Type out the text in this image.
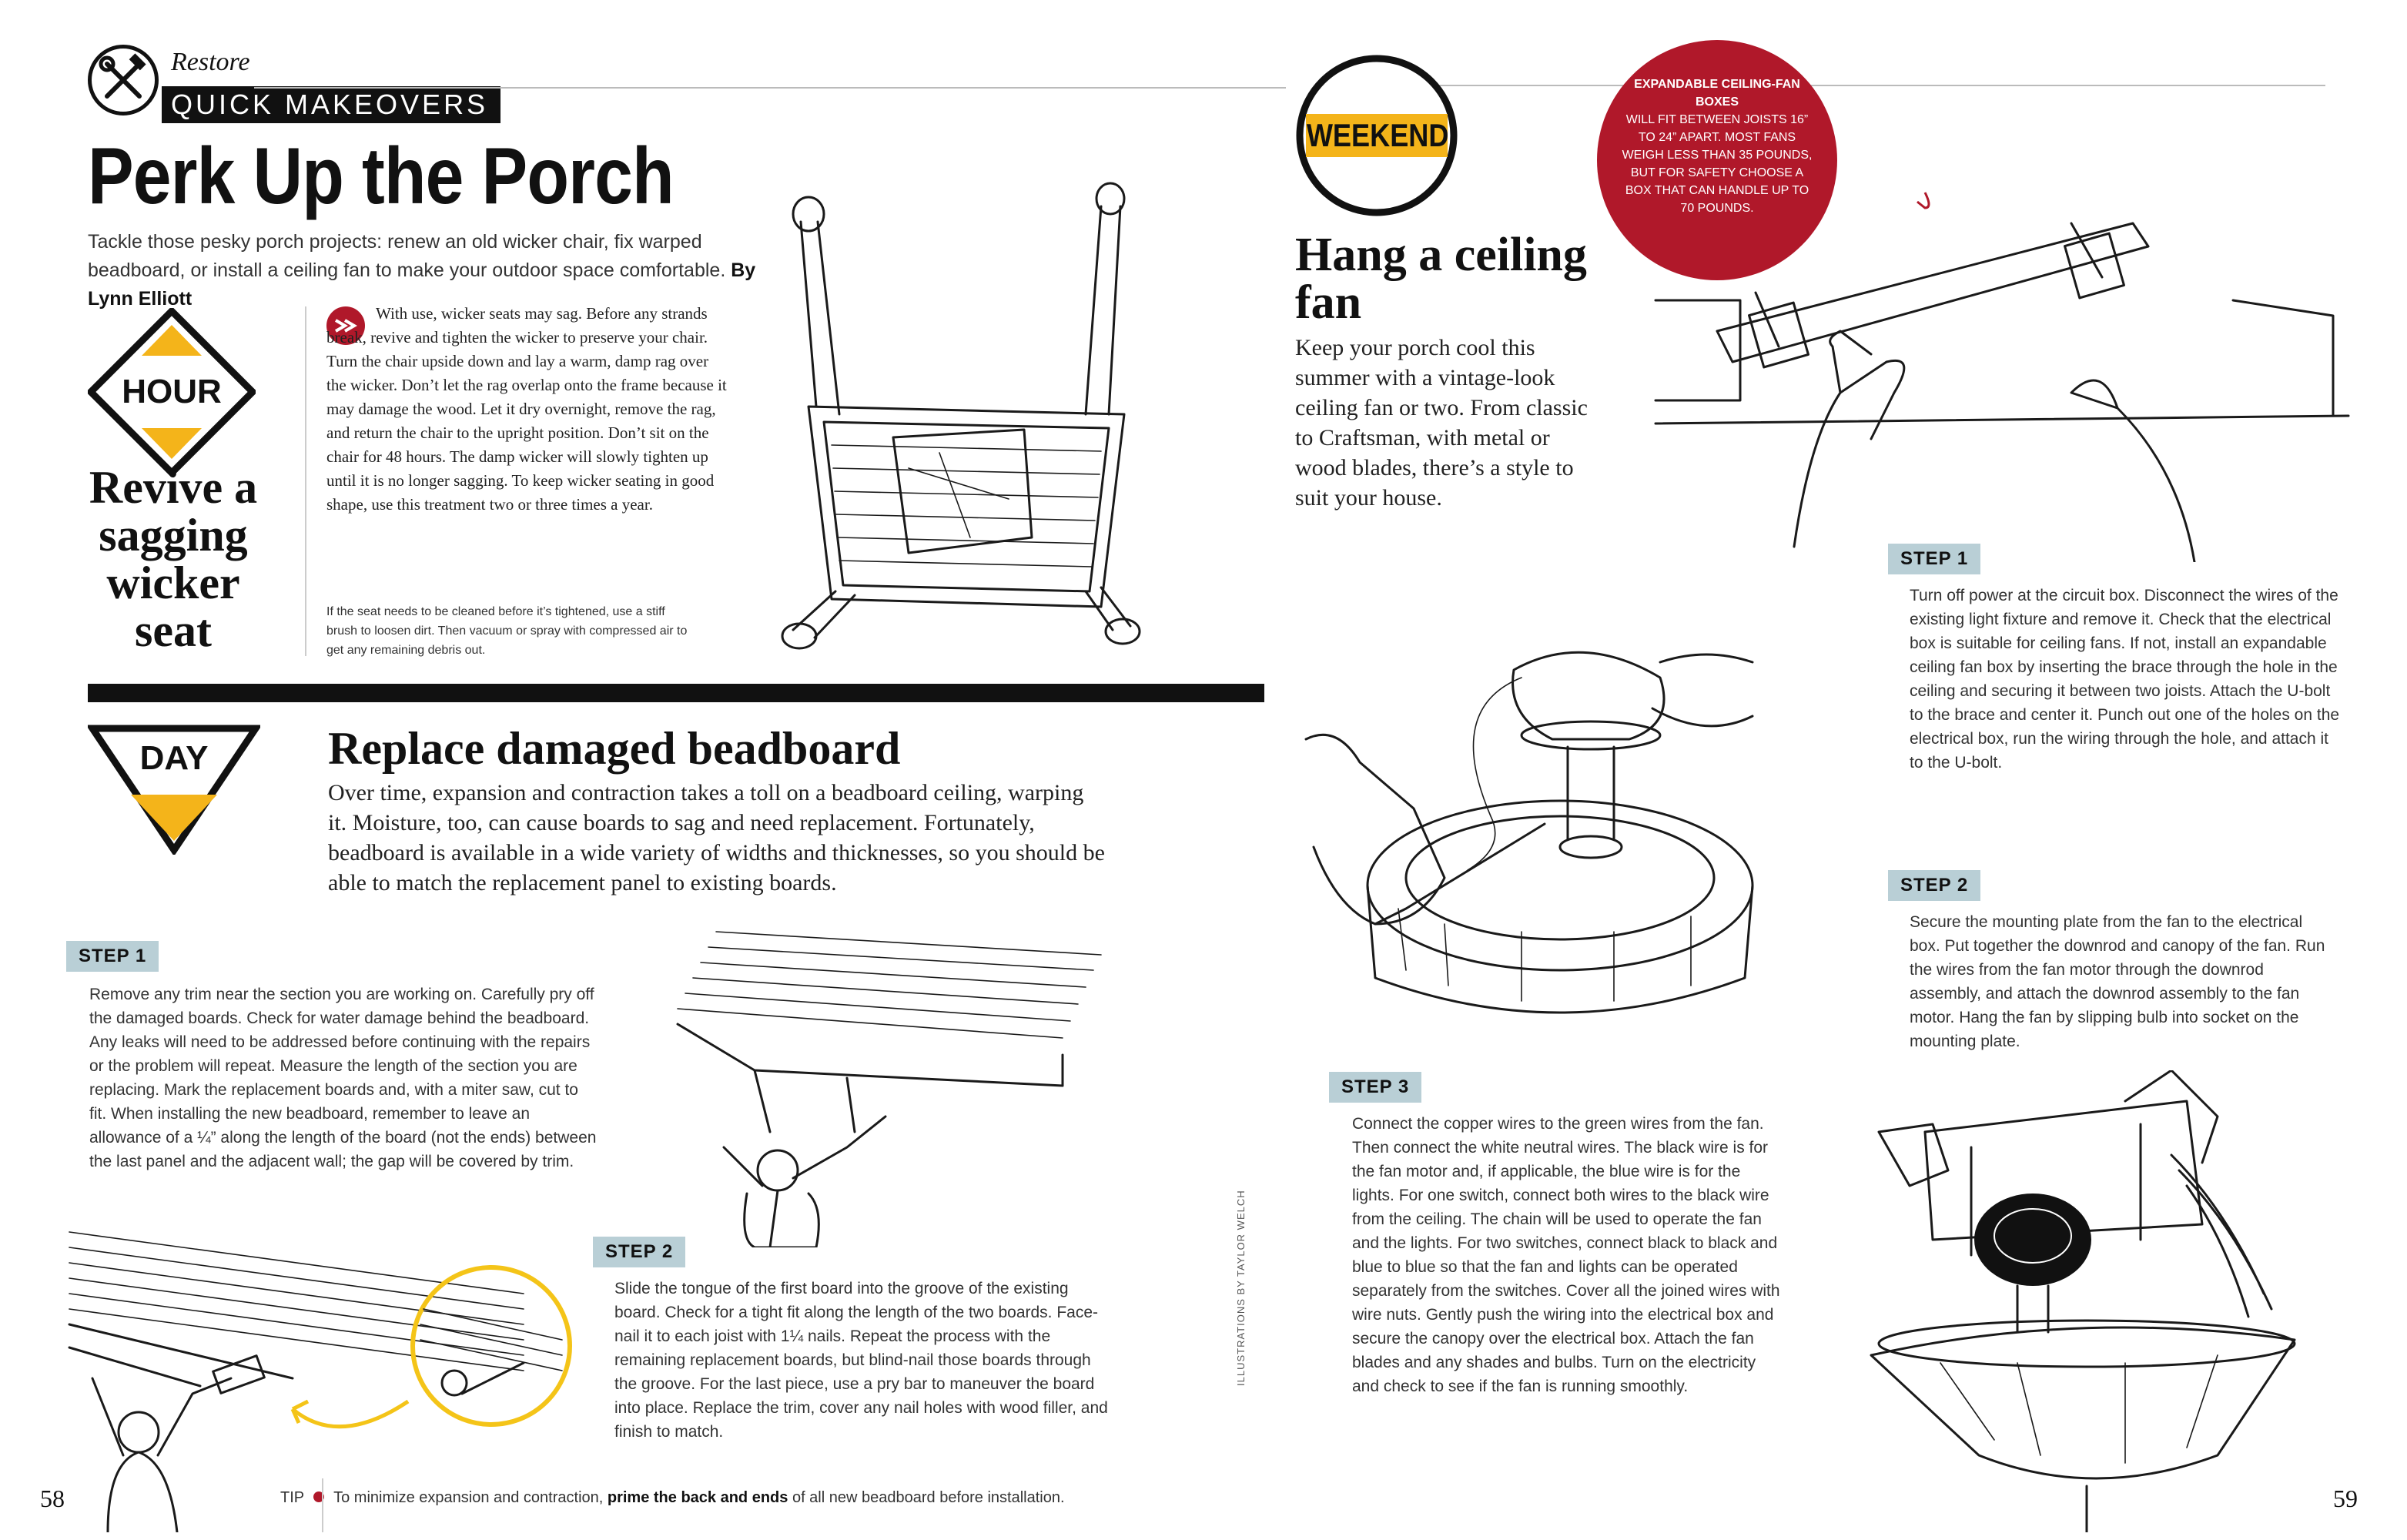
Restore
QUICK MAKEOVERS
Perk Up the Porch

Tackle those pesky porch projects: renew an old wicker chair, fix warped beadboard, or install a ceiling fan to make your outdoor space comfortable. By Lynn Elliott

HOUR
Revive a sagging wicker seat

With use, wicker seats may sag. Before any strands break, revive and tighten the wicker to preserve your chair. Turn the chair upside down and lay a warm, damp rag over the wicker. Don’t let the rag overlap onto the frame because it may damage the wood. Let it dry overnight, remove the rag, and return the chair to the upright position. Don’t sit on the chair for 48 hours. The damp wicker will slowly tighten up until it is no longer sagging. To keep wicker seating in good shape, use this treatment two or three times a year.

If the seat needs to be cleaned before it’s tightened, use a stiff brush to loosen dirt. Then vacuum or spray with compressed air to get any remaining debris out.

DAY	Replace damaged beadboard

Over time, expansion and contraction takes a toll on a beadboard ceiling, warping it. Moisture, too, can cause boards to sag and need replacement. Fortunately, beadboard is available in a wide variety of widths and thicknesses, so you should be able to match the replacement panel to existing boards.

STEP 1

Remove any trim near the section you are working on. Carefully pry off the damaged boards. Check for water damage behind the beadboard. Any leaks will need to be addressed before continuing with the repairs or the problem will repeat. Measure the length of the section you are replacing. Mark the replacement boards and, with a miter saw, cut to fit. When installing the new beadboard, remember to leave an allowance of a ¼” along the length of the board (not the ends) between the last panel and the adjacent wall; the gap will be covered by trim.

STEP 2

Slide the tongue of the first board into the groove of the existing board. Check for a tight fit along the length of the two boards. Face-nail it to each joist with 1¼ nails. Repeat the process with the remaining replacement boards, but blind-nail those boards through the groove. For the last piece, use a pry bar to maneuver the board into place. Replace the trim, cover any nail holes with wood filler, and finish to match.

ILLUSTRATIONS BY TAYLOR WELCH
58	TIP To minimize expansion and contraction, prime the back and ends of all new beadboard before installation.
WEEKEND
EXPANDABLE CEILING-FAN BOXES
WILL FIT BETWEEN JOISTS 16” TO 24” APART. MOST FANS WEIGH LESS THAN 35 POUNDS, BUT FOR SAFETY CHOOSE A BOX THAT CAN HANDLE UP TO 70 POUNDS.
Hang a ceiling fan

Keep your porch cool this summer with a vintage-look ceiling fan or two. From classic to Craftsman, with metal or wood blades, there’s a style to suit your house.

STEP 1

Turn off power at the circuit box. Disconnect the wires of the existing light fixture and remove it. Check that the electrical box is suitable for ceiling fans. If not, install an expandable ceiling fan box by inserting the brace through the hole in the ceiling and securing it between two joists. Attach the U-bolt to the brace and center it. Punch out one of the holes on the electrical box, run the wiring through the hole, and attach it to the U-bolt.

STEP 2

Secure the mounting plate from the fan to the electrical box. Put together the downrod and canopy of the fan. Run the wires from the fan motor through the downrod assembly, and attach the downrod assembly to the fan motor. Hang the fan by slipping bulb into socket on the mounting plate.

STEP 3

Connect the copper wires to the green wires from the fan. Then connect the white neutral wires. The black wire is for the fan motor and, if applicable, the blue wire is for the lights. For one switch, connect both wires to the black wire from the ceiling. The chain will be used to operate the fan and the lights. For two switches, connect black to black and blue to blue so that the fan and lights can be operated separately from the switches. Cover all the joined wires with wire nuts. Gently push the wiring into the electrical box and secure the canopy over the electrical box. Attach the fan blades and any shades and bulbs. Turn on the electricity and check to see if the fan is running smoothly.

59
